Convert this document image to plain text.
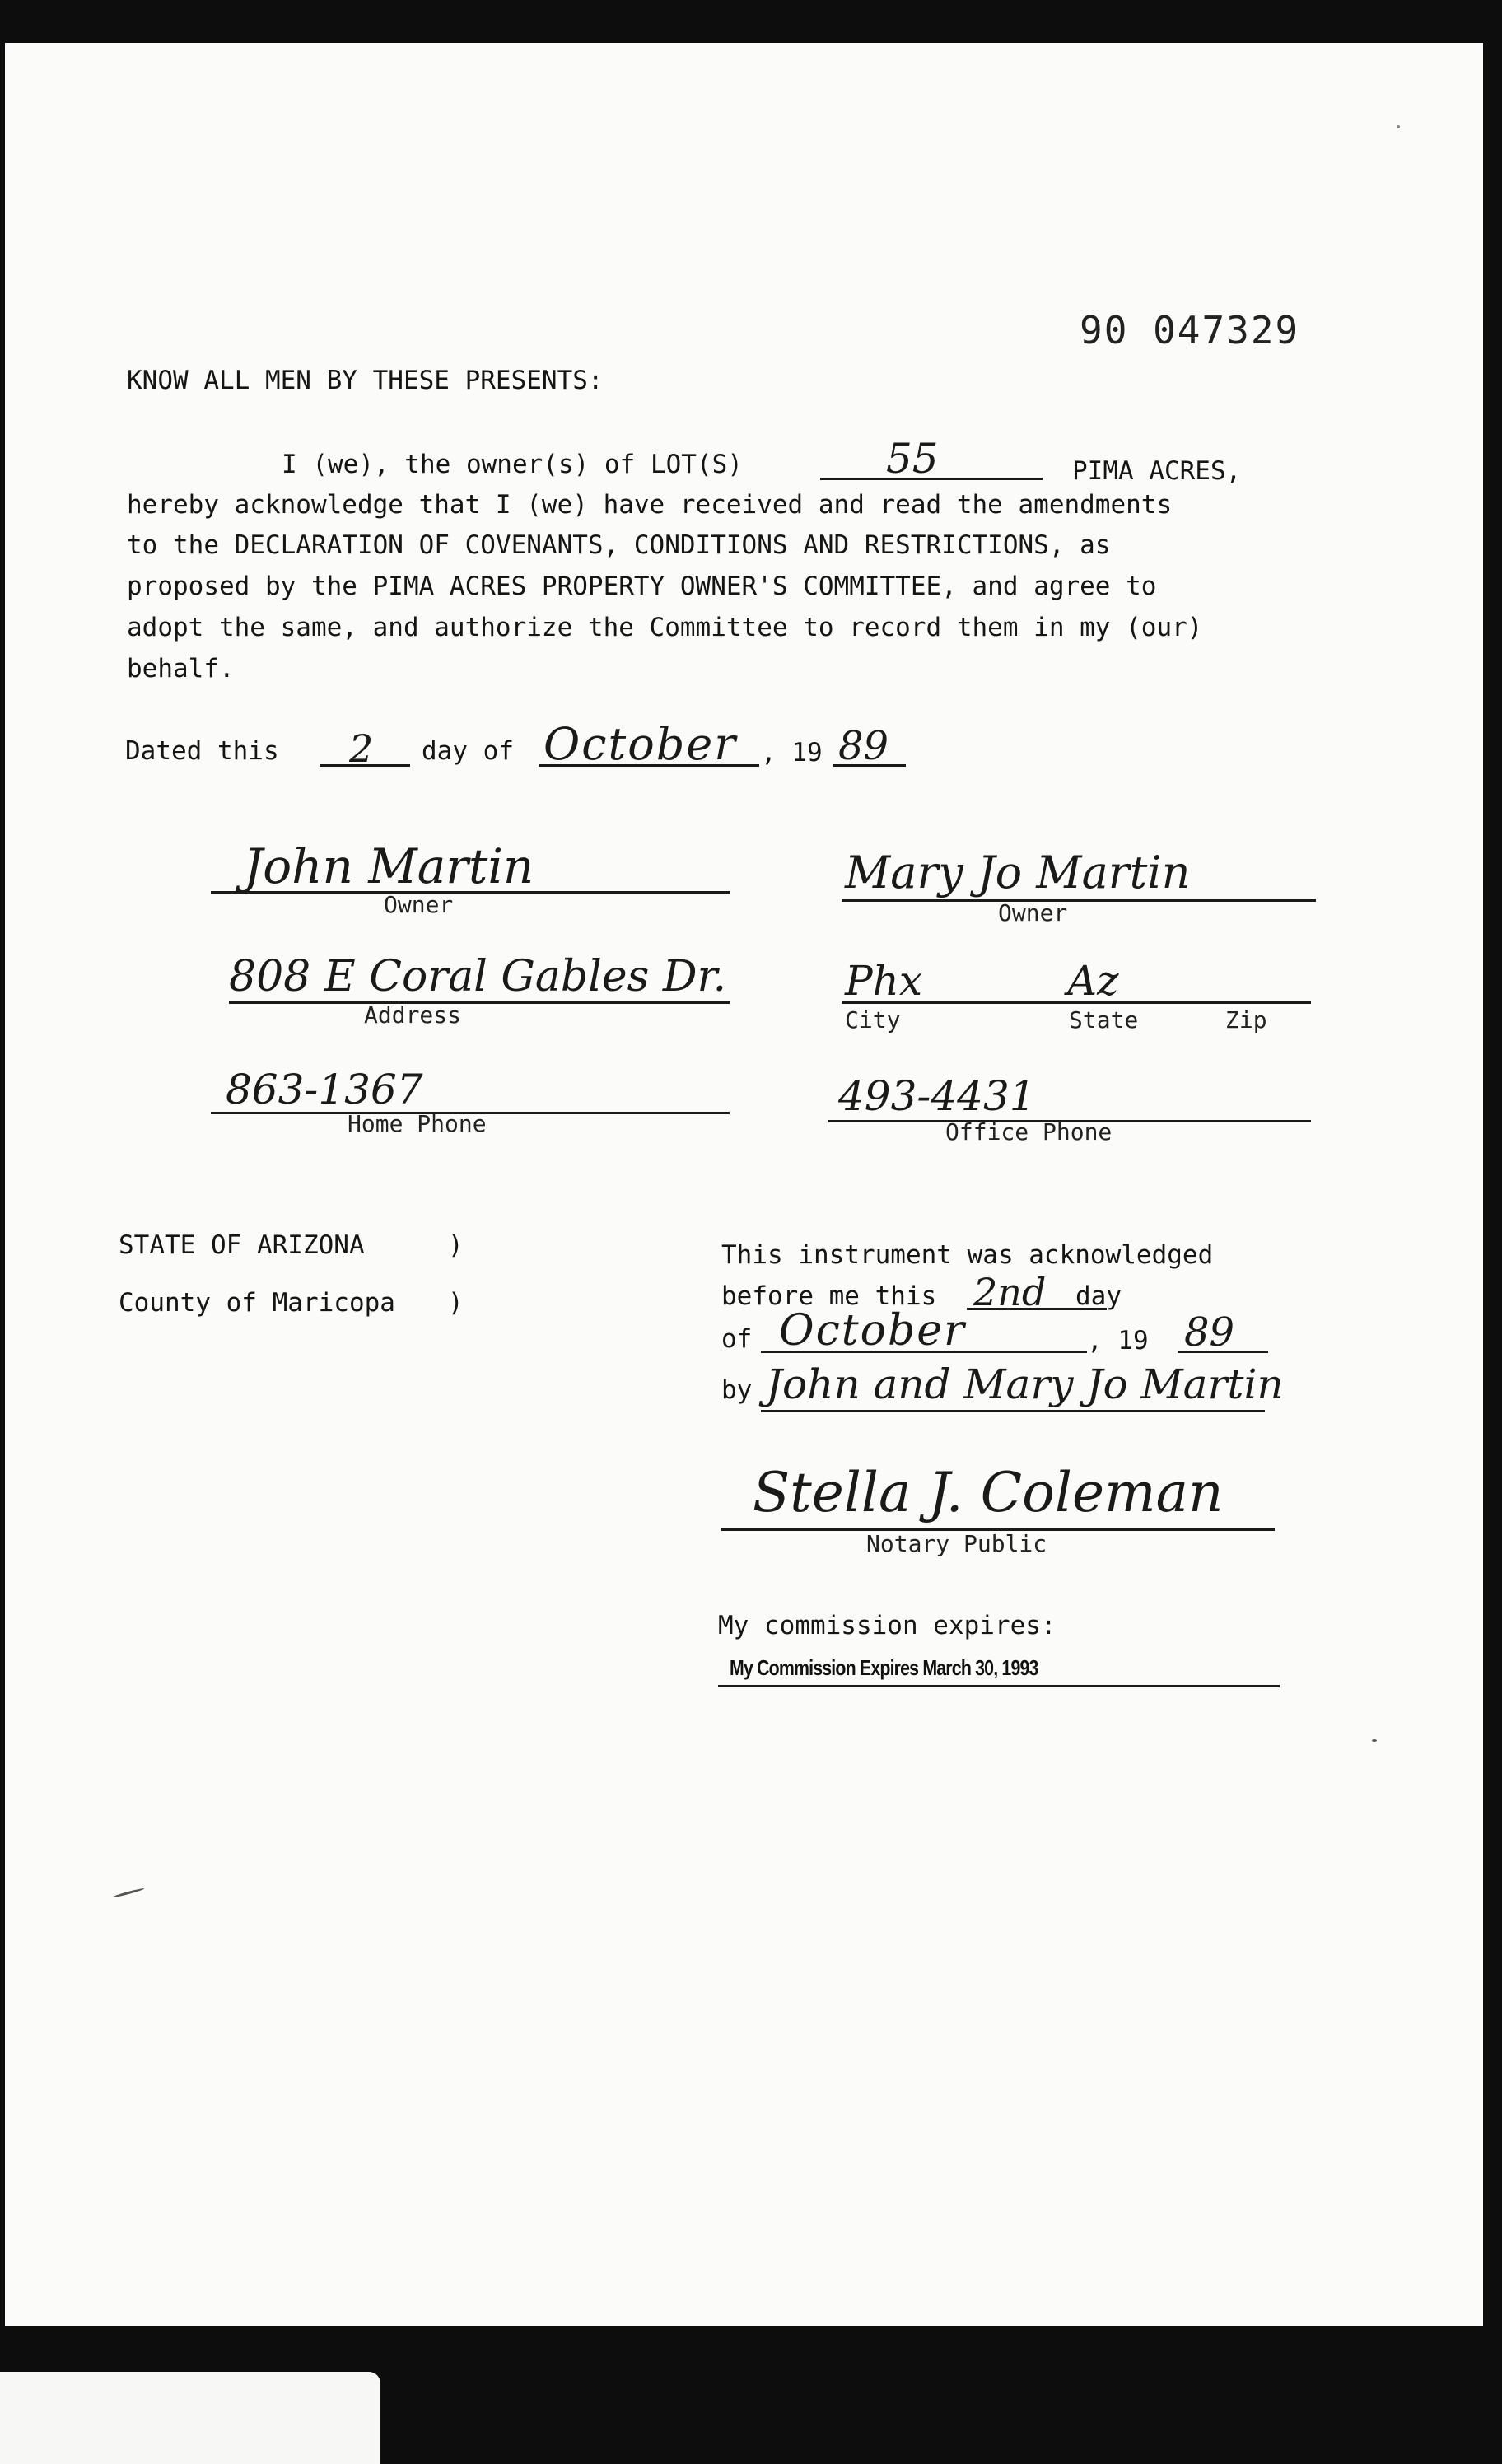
90 047329
KNOW ALL MEN BY THESE PRESENTS:
I (we), the owner(s) of LOT(S)	55	PIMA ACRES,
hereby acknowledge that I (we) have received and read the amendments
to the DECLARATION OF COVENANTS, CONDITIONS AND RESTRICTIONS, as
proposed by the PIMA ACRES PROPERTY OWNER'S COMMITTEE, and agree to
adopt the same, and authorize the Committee to record them in my (our)
behalf.
Dated this 2 day of October , 19 89
John Martin
Owner
Mary Jo Martin
Owner
808 E Coral Gables Dr.
Address
Phx	Az
City	State	Zip
863-1367
Home Phone
493-4431
Office Phone
STATE OF ARIZONA	)
County of Maricopa )
This instrument was acknowledged
before me this 2nd day
of October	, 19 89
by John and Mary Jo Martin
Stella J. Coleman
Notary Public
My commission expires:
My Commission Expires March 30, 1993
